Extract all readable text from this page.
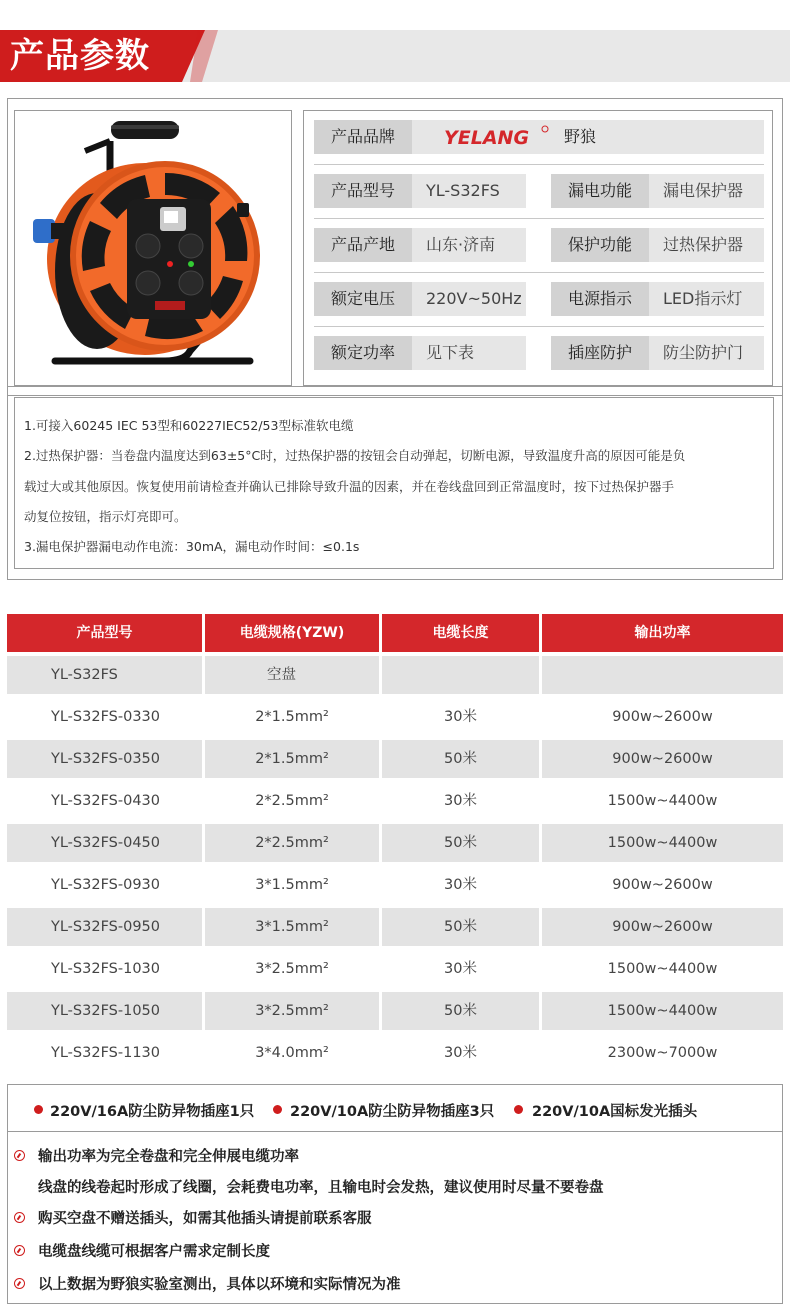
产品参数
产品品牌	YELANG 野狼
产品型号	YL-S32FS	漏电功能	漏电保护器
产品产地	山东·济南	保护功能	过热保护器
额定电压	220V~50Hz	电源指示	LED指示灯
额定功率	见下表	插座防护	防尘防护门
1.可接入60245 IEC 53型和60227IEC52/53型标准软电缆
2.过热保护器：当卷盘内温度达到63±5°C时，过热保护器的按钮会自动弹起，切断电源，导致温度升高的原因可能是负
载过大或其他原因。恢复使用前请检查并确认已排除导致升温的因素，并在卷线盘回到正常温度时，按下过热保护器手
动复位按钮，指示灯亮即可。
3.漏电保护器漏电动作电流：30mA，漏电动作时间：≤0.1s
产品型号	电缆规格(YZW)	电缆长度	输出功率
YL-S32FS	空盘
YL-S32FS-0330	2*1.5mm²	30米	900w~2600w
YL-S32FS-0350	2*1.5mm²	50米	900w~2600w
YL-S32FS-0430	2*2.5mm²	30米	1500w~4400w
YL-S32FS-0450	2*2.5mm²	50米	1500w~4400w
YL-S32FS-0930	3*1.5mm²	30米	900w~2600w
YL-S32FS-0950	3*1.5mm²	50米	900w~2600w
YL-S32FS-1030	3*2.5mm²	30米	1500w~4400w
YL-S32FS-1050	3*2.5mm²	50米	1500w~4400w
YL-S32FS-1130	3*4.0mm²	30米	2300w~7000w
220V/16A防尘防异物插座1只 220V/10A防尘防异物插座3只	220V/10A国标发光插头
输出功率为完全卷盘和完全伸展电缆功率
线盘的线卷起时形成了线圈，会耗费电功率，且输电时会发热，建议使用时尽量不要卷盘
购买空盘不赠送插头，如需其他插头请提前联系客服
电缆盘线缆可根据客户需求定制长度
以上数据为野狼实验室测出，具体以环境和实际情况为准
